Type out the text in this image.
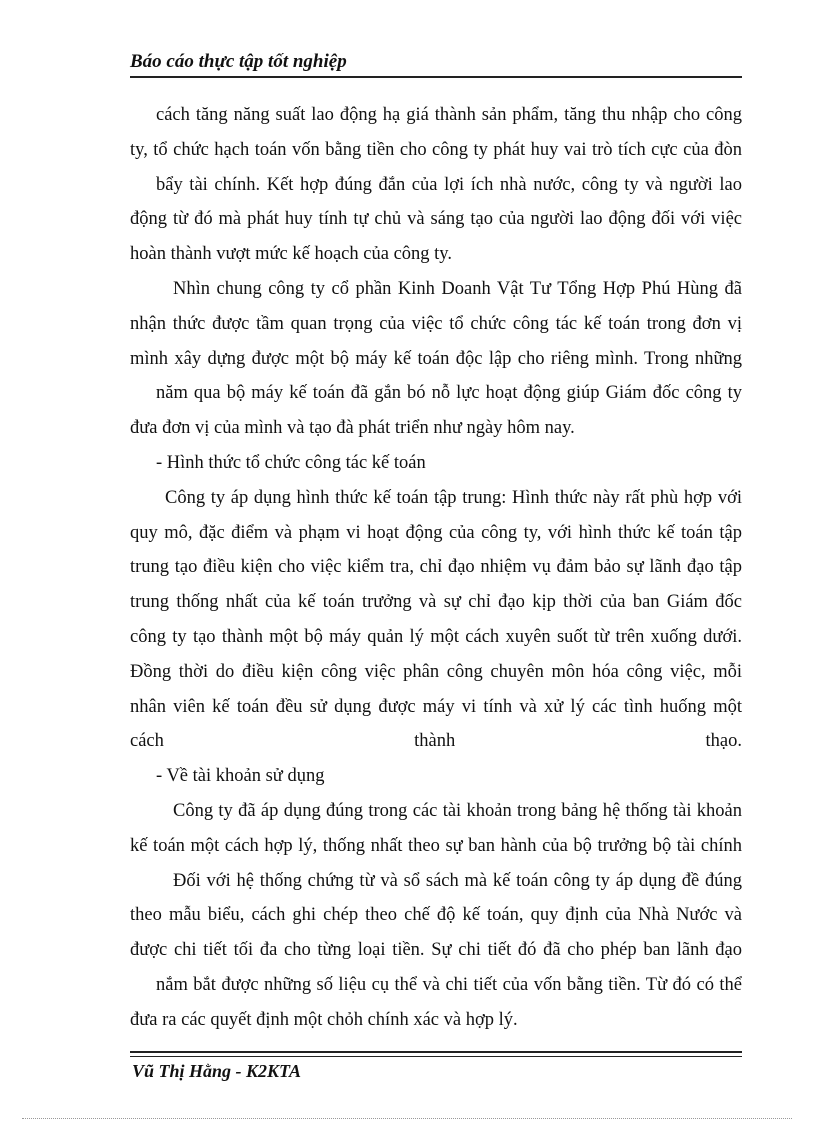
Báo cáo thực tập tốt nghiệp

cách tăng năng suất lao động hạ giá thành sản phẩm, tăng thu nhập cho công

ty, tổ chức hạch toán vốn bằng tiền cho công ty phát huy vai trò tích cực của đòn

bẩy tài chính. Kết hợp đúng đắn của lợi ích nhà nước, công ty và người lao

động từ đó mà phát huy tính tự chủ và sáng tạo của người lao động đối với việc

hoàn thành vượt mức kế hoạch của công ty.

Nhìn chung công ty cổ phần Kinh Doanh Vật Tư Tổng Hợp Phú Hùng đã

nhận thức được tầm quan trọng của việc tổ chức công tác kế toán trong đơn vị

mình xây dựng được một bộ máy kế toán độc lập cho riêng mình. Trong những

năm qua bộ máy kế toán đã gắn bó nỗ lực hoạt động giúp Giám đốc công ty

đưa đơn vị của mình và tạo đà phát triển như ngày hôm nay.

- Hình thức tổ chức công tác kế toán

Công ty áp dụng hình thức kế toán tập trung: Hình thức này rất phù hợp với

quy mô, đặc điểm và phạm vi hoạt động của công ty, với hình thức kế toán tập

trung tạo điều kiện cho việc kiểm tra, chỉ đạo nhiệm vụ đảm bảo sự lãnh đạo tập

trung thống nhất của kế toán trưởng và sự chỉ đạo kịp thời của ban Giám đốc

công ty tạo thành một bộ máy quản lý một cách xuyên suốt từ trên xuống dưới.

Đồng thời do điều kiện công việc phân công chuyên môn hóa công việc, mỗi

nhân viên kế toán đều sử dụng được máy vi tính và xử lý các tình huống một

cách thành thạo.

- Về tài khoản sử dụng

Công ty đã áp dụng đúng trong các tài khoản trong bảng hệ thống tài khoản

kế toán một cách hợp lý, thống nhất theo sự ban hành của bộ trưởng bộ tài chính

Đối với hệ thống chứng từ và sổ sách mà kế toán công ty áp dụng đề đúng

theo mẫu biểu, cách ghi chép theo chế độ kế toán, quy định của Nhà Nước và

được chi tiết tối đa cho từng loại tiền. Sự chi tiết đó đã cho phép ban lãnh đạo

nắm bắt được những số liệu cụ thể và chi tiết của vốn bằng tiền. Từ đó có thể

đưa ra các quyết định một chỏh chính xác và hợp lý.

Vũ Thị Hằng - K2KTA
